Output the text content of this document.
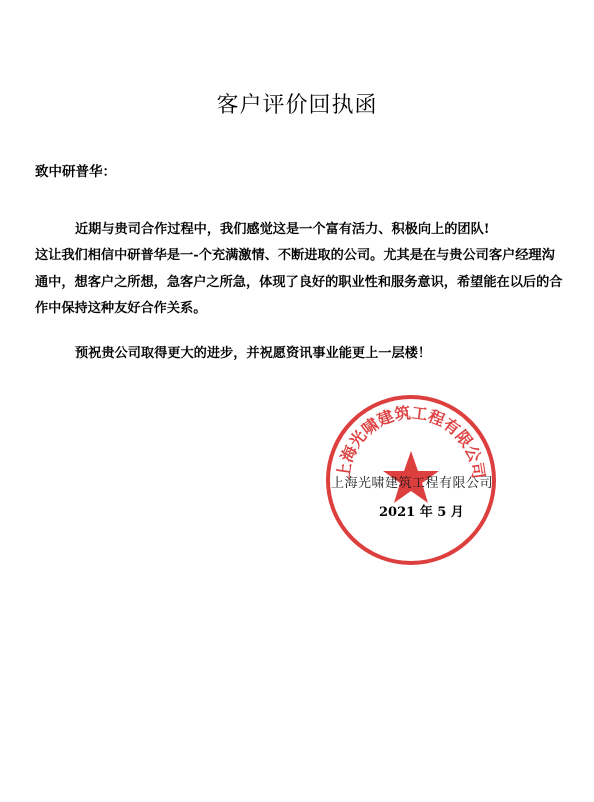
客户评价回执函
致中研普华：
近期与贵司合作过程中，我们感觉这是一个富有活力、积极向上的团队!
这让我们相信中研普华是一-个充满激情、不断进取的公司。尤其是在与贵公司客户经理沟通中，想客户之所想，急客户之所急，体现了良好的职业性和服务意识，希望能在以后的合作中保持这种友好合作关系。
预祝贵公司取得更大的进步，并祝愿资讯事业能更上一层楼！
上海光啸建筑工程有限公司
上海光啸建筑工程有限公司
2021 年 5 月
